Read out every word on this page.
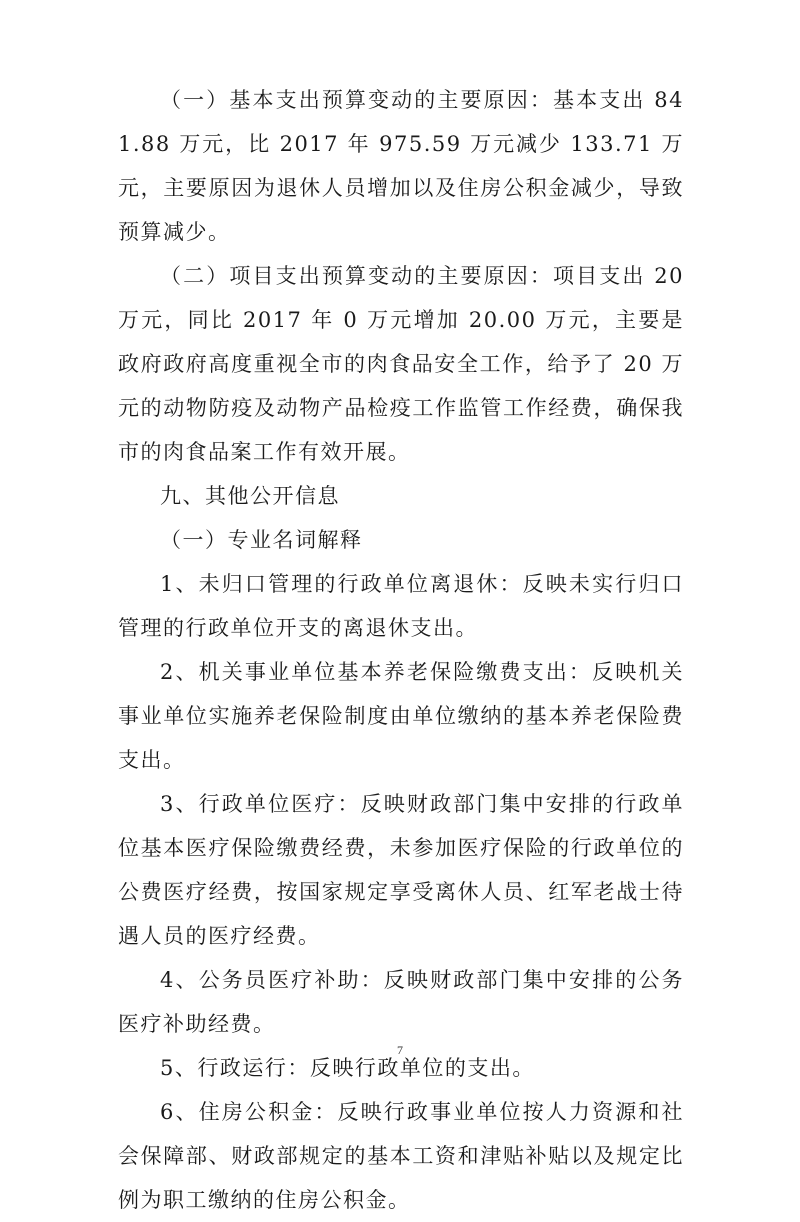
（一）基本支出预算变动的主要原因：基本支出 841.88 万元，比 2017 年 975.59 万元减少 133.71 万元，主要原因为退休人员增加以及住房公积金减少，导致预算减少。

（二）项目支出预算变动的主要原因：项目支出 20 万元，同比 2017 年 0 万元增加 20.00 万元，主要是政府政府高度重视全市的肉食品安全工作，给予了 20 万元的动物防疫及动物产品检疫工作监管工作经费，确保我市的肉食品案工作有效开展。

九、其他公开信息

（一）专业名词解释

1、未归口管理的行政单位离退休：反映未实行归口管理的行政单位开支的离退休支出。

2、机关事业单位基本养老保险缴费支出：反映机关事业单位实施养老保险制度由单位缴纳的基本养老保险费支出。

3、行政单位医疗：反映财政部门集中安排的行政单位基本医疗保险缴费经费，未参加医疗保险的行政单位的公费医疗经费，按国家规定享受离休人员、红军老战士待遇人员的医疗经费。

4、公务员医疗补助：反映财政部门集中安排的公务医疗补助经费。

5、行政运行：反映行政单位的支出。

6、住房公积金：反映行政事业单位按人力资源和社会保障部、财政部规定的基本工资和津贴补贴以及规定比例为职工缴纳的住房公积金。

7
